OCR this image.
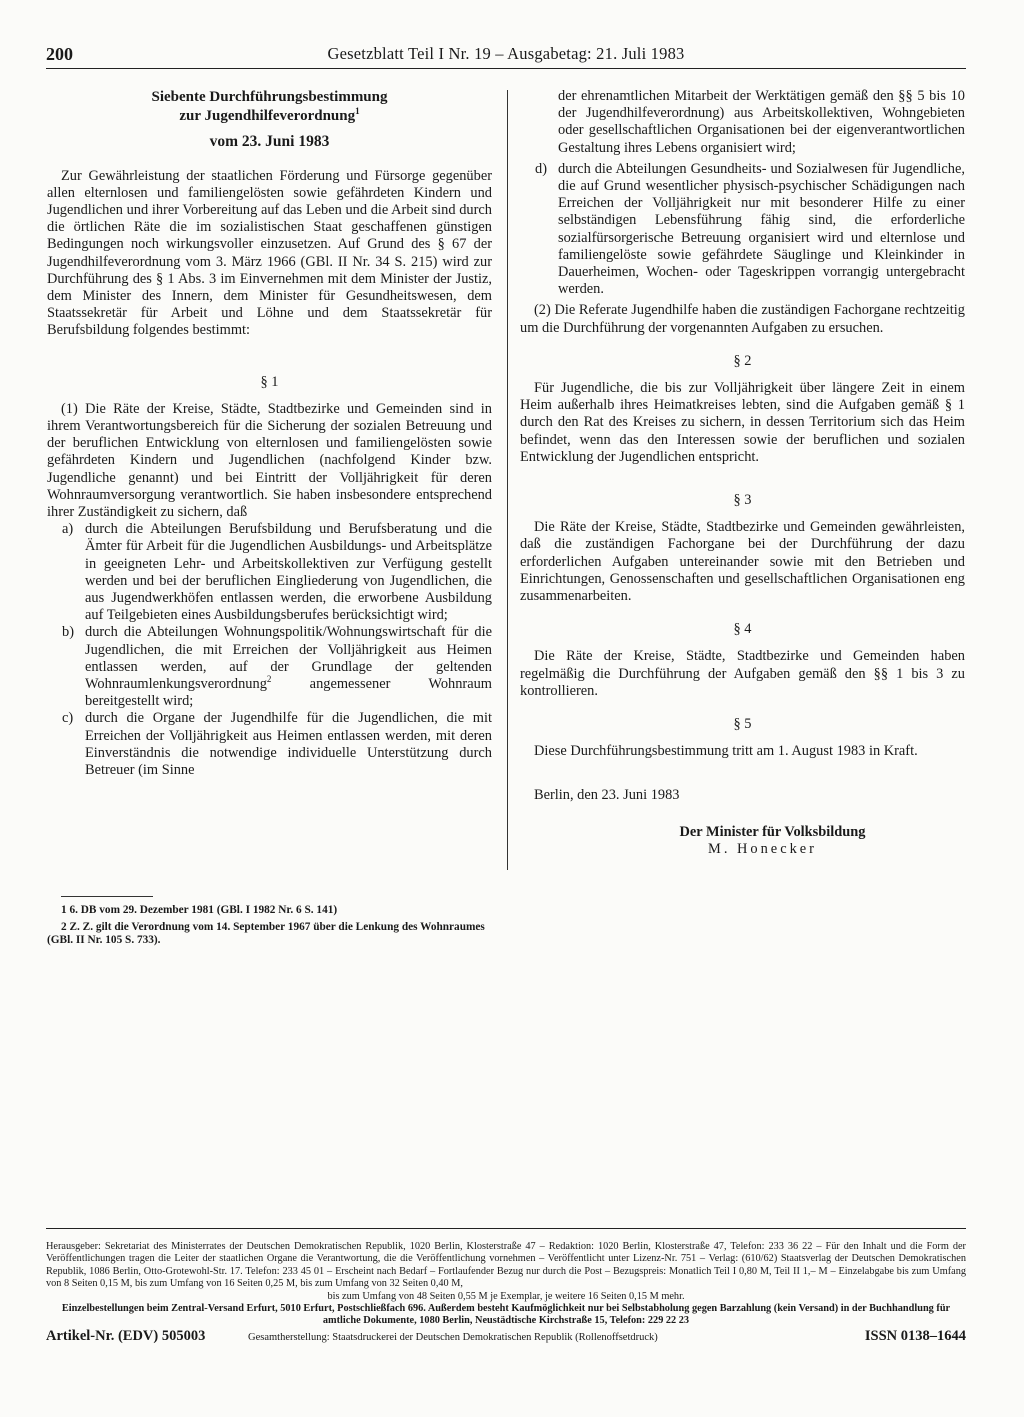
200	Gesetzblatt Teil I Nr. 19 – Ausgabetag: 21. Juli 1983

Siebente Durchführungsbestimmung

zur Jugendhilfeverordnung$^1$

vom 23. Juni 1983

Zur Gewährleistung der staatlichen Förderung und Fürsorge gegenüber allen elternlosen und familiengelösten sowie gefährdeten Kindern und Jugendlichen und ihrer Vorbereitung auf das Leben und die Arbeit sind durch die örtlichen Räte die im sozialistischen Staat geschaffenen günstigen Bedingungen noch wirkungsvoller einzusetzen. Auf Grund des § 67 der Jugendhilfeverordnung vom 3. März 1966 (GBl. II Nr. 34 S. 215) wird zur Durchführung des § 1 Abs. 3 im Einvernehmen mit dem Minister der Justiz, dem Minister des Innern, dem Minister für Gesundheitswesen, dem Staatssekretär für Arbeit und Löhne und dem Staatssekretär für Berufsbildung folgendes bestimmt:

§ 1

(1) Die Räte der Kreise, Städte, Stadtbezirke und Gemeinden sind in ihrem Verantwortungsbereich für die Sicherung der sozialen Betreuung und der beruflichen Entwicklung von elternlosen und familiengelösten sowie gefährdeten Kindern und Jugendlichen (nachfolgend Kinder bzw. Jugendliche genannt) und bei Eintritt der Volljährigkeit für deren Wohnraumversorgung verantwortlich. Sie haben insbesondere entsprechend ihrer Zuständigkeit zu sichern, daß

a) durch die Abteilungen Berufsbildung und Berufsberatung und die Ämter für Arbeit für die Jugendlichen Ausbildungs- und Arbeitsplätze in geeigneten Lehr- und Arbeitskollektiven zur Verfügung gestellt werden und bei der beruflichen Eingliederung von Jugendlichen, die aus Jugendwerkhöfen entlassen werden, die erworbene Ausbildung auf Teilgebieten eines Ausbildungsberufes berücksichtigt wird;
b) durch die Abteilungen Wohnungspolitik/Wohnungswirtschaft für die Jugendlichen, die mit Erreichen der Volljährigkeit aus Heimen entlassen werden, auf der Grundlage der geltenden Wohnraumlenkungsverordnung$^2$ angemessener Wohnraum bereitgestellt wird;
c) durch die Organe der Jugendhilfe für die Jugendlichen, die mit Erreichen der Volljährigkeit aus Heimen entlassen werden, mit deren Einverständnis die notwendige individuelle Unterstützung durch Betreuer (im Sinne

1 6. DB vom 29. Dezember 1981 (GBl. I 1982 Nr. 6 S. 141)

2 Z. Z. gilt die Verordnung vom 14. September 1967 über die Lenkung des Wohnraumes (GBl. II Nr. 105 S. 733).

der ehrenamtlichen Mitarbeit der Werktätigen gemäß den §§ 5 bis 10 der Jugendhilfeverordnung) aus Arbeitskollektiven, Wohngebieten oder gesellschaftlichen Organisationen bei der eigenverantwortlichen Gestaltung ihres Lebens organisiert wird;

d) durch die Abteilungen Gesundheits- und Sozialwesen für Jugendliche, die auf Grund wesentlicher physisch-psychischer Schädigungen nach Erreichen der Volljährigkeit nur mit besonderer Hilfe zu einer selbständigen Lebensführung fähig sind, die erforderliche sozialfürsorgerische Betreuung organisiert wird und elternlose und familiengelöste sowie gefährdete Säuglinge und Kleinkinder in Dauerheimen, Wochen- oder Tageskrippen vorrangig untergebracht werden.

(2) Die Referate Jugendhilfe haben die zuständigen Fachorgane rechtzeitig um die Durchführung der vorgenannten Aufgaben zu ersuchen.

§ 2

Für Jugendliche, die bis zur Volljährigkeit über längere Zeit in einem Heim außerhalb ihres Heimatkreises lebten, sind die Aufgaben gemäß § 1 durch den Rat des Kreises zu sichern, in dessen Territorium sich das Heim befindet, wenn das den Interessen sowie der beruflichen und sozialen Entwicklung der Jugendlichen entspricht.

§ 3

Die Räte der Kreise, Städte, Stadtbezirke und Gemeinden gewährleisten, daß die zuständigen Fachorgane bei der Durchführung der dazu erforderlichen Aufgaben untereinander sowie mit den Betrieben und Einrichtungen, Genossenschaften und gesellschaftlichen Organisationen eng zusammenarbeiten.

§ 4

Die Räte der Kreise, Städte, Stadtbezirke und Gemeinden haben regelmäßig die Durchführung der Aufgaben gemäß den §§ 1 bis 3 zu kontrollieren.

§ 5

Diese Durchführungsbestimmung tritt am 1. August 1983 in Kraft.

Berlin, den 23. Juni 1983

Der Minister für Volksbildung

M. Honecker

Herausgeber: Sekretariat des Ministerrates der Deutschen Demokratischen Republik, 1020 Berlin, Klosterstraße 47 – Redaktion: 1020 Berlin, Klosterstraße 47, Telefon: 233 36 22 – Für den Inhalt und die Form der Veröffentlichungen tragen die Leiter der staatlichen Organe die Verantwortung, die die Veröffentlichung vornehmen – Veröffentlicht unter Lizenz-Nr. 751 – Verlag: (610/62) Staatsverlag der Deutschen Demokratischen Republik, 1086 Berlin, Otto-Grotewohl-Str. 17. Telefon: 233 45 01 – Erscheint nach Bedarf – Fortlaufender Bezug nur durch die Post – Bezugspreis: Monatlich Teil I 0,80 M, Teil II 1,– M – Einzelabgabe bis zum Umfang von 8 Seiten 0,15 M, bis zum Umfang von 16 Seiten 0,25 M, bis zum Umfang von 32 Seiten 0,40 M,

bis zum Umfang von 48 Seiten 0,55 M je Exemplar, je weitere 16 Seiten 0,15 M mehr.

Einzelbestellungen beim Zentral-Versand Erfurt, 5010 Erfurt, Postschließfach 696. Außerdem besteht Kaufmöglichkeit nur bei Selbstabholung gegen Barzahlung (kein Versand) in der Buchhandlung für amtliche Dokumente, 1080 Berlin, Neustädtische Kirchstraße 15, Telefon: 229 22 23

Artikel-Nr. (EDV) 505003	Gesamtherstellung: Staatsdruckerei der Deutschen Demokratischen Republik (Rollenoffsetdruck)	ISSN 0138–1644
